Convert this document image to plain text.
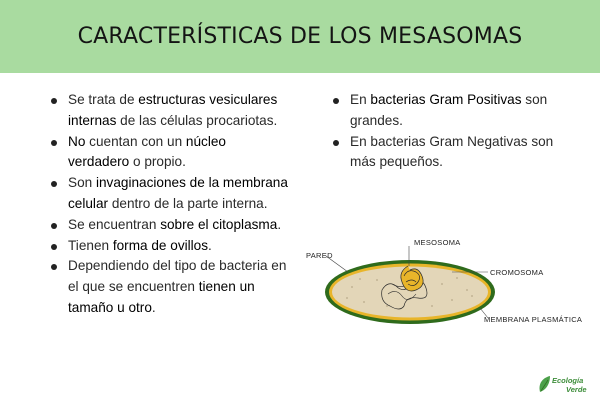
CARACTERÍSTICAS DE LOS MESASOMAS
Se trata de estructuras vesiculares internas de las células procariotas.
No cuentan con un núcleo verdadero o propio.
Son invaginaciones de la membrana celular dentro de la parte interna.
Se encuentran sobre el citoplasma.
Tienen forma de ovillos.
Dependiendo del tipo de bacteria en el que se encuentren tienen un tamaño u otro.
En bacterias Gram Positivas son grandes.
En bacterias Gram Negativas son más pequeños.
PARED
MESOSOMA
CROMOSOMA
MEMBRANA PLASMÁTICA
Ecología
Verde
